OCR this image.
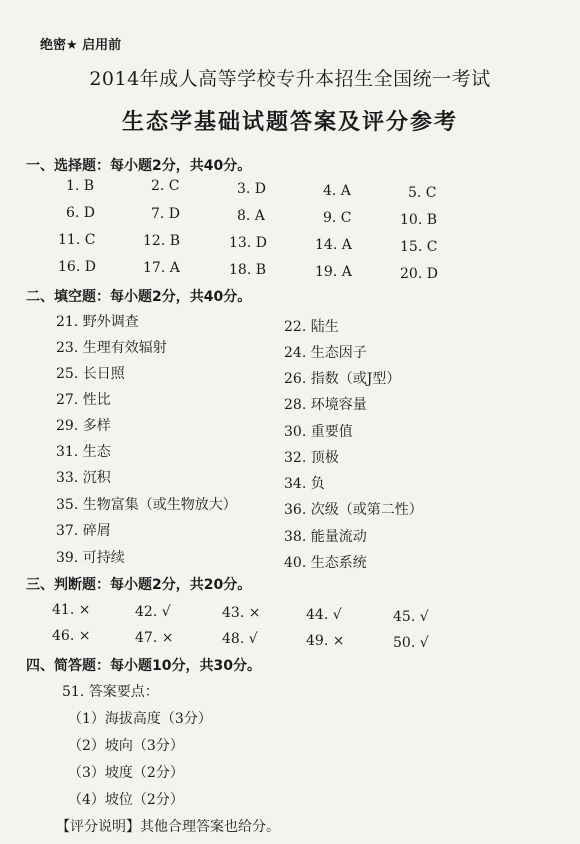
绝密★ 启用前
2014年成人高等学校专升本招生全国统一考试
生态学基础试题答案及评分参考
一、选择题：每小题2分，共40分。
1. B	2. C	3. D	4. A	5. C
6. D	7. D	8. A	9. C	10. B
11. C	12. B	13. D	14. A	15. C
16. D	17. A	18. B	19. A	20. D
二、填空题：每小题2分，共40分。
21. 野外调查	22. 陆生
23. 生理有效辐射	24. 生态因子
25. 长日照	26. 指数（或J型）
27. 性比	28. 环境容量
29. 多样	30. 重要值
31. 生态	32. 顶极
33. 沉积	34. 负
35. 生物富集（或生物放大）	36. 次级（或第二性）
37. 碎屑	38. 能量流动
39. 可持续	40. 生态系统
三、判断题：每小题2分，共20分。
41. ×	42. √	43. ×	44. √	45. √
46. ×	47. ×	48. √	49. ×	50. √
四、简答题：每小题10分，共30分。
51. 答案要点：
（1）海拔高度（3分）
（2）坡向（3分）
（3）坡度（2分）
（4）坡位（2分）
【评分说明】其他合理答案也给分。
